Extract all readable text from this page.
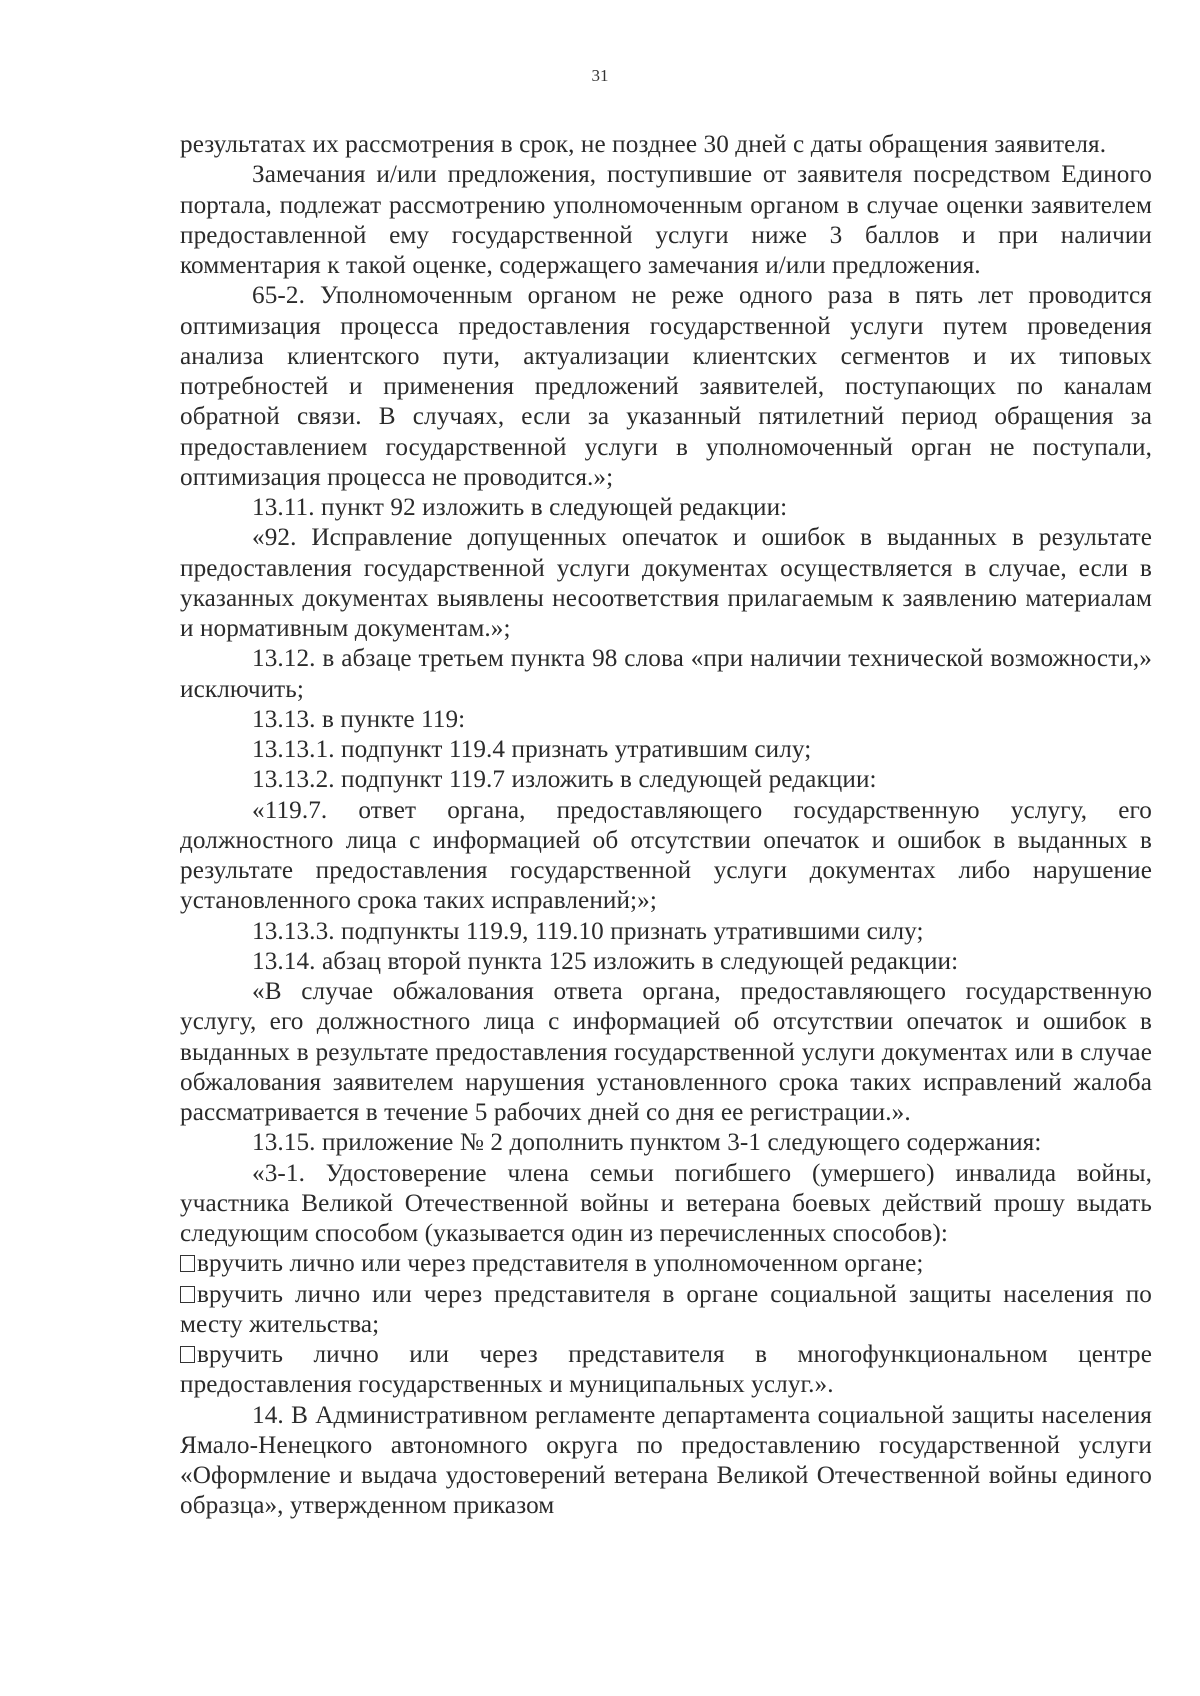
31

результатах их рассмотрения в срок, не позднее 30 дней с даты обращения заявителя.

Замечания и/или предложения, поступившие от заявителя посредством Единого портала, подлежат рассмотрению уполномоченным органом в случае оценки заявителем предоставленной ему государственной услуги ниже 3 баллов и при наличии комментария к такой оценке, содержащего замечания и/или предложения.

65-2. Уполномоченным органом не реже одного раза в пять лет проводится оптимизация процесса предоставления государственной услуги путем проведения анализа клиентского пути, актуализации клиентских сегментов и их типовых потребностей и применения предложений заявителей, поступающих по каналам обратной связи. В случаях, если за указанный пятилетний период обращения за предоставлением государственной услуги в уполномоченный орган не поступали, оптимизация процесса не проводится.»;

13.11. пункт 92 изложить в следующей редакции:

«92. Исправление допущенных опечаток и ошибок в выданных в результате предоставления государственной услуги документах осуществляется в случае, если в указанных документах выявлены несоответствия прилагаемым к заявлению материалам и нормативным документам.»;

13.12. в абзаце третьем пункта 98 слова «при наличии технической возможности,» исключить;

13.13. в пункте 119:

13.13.1. подпункт 119.4 признать утратившим силу;

13.13.2. подпункт 119.7 изложить в следующей редакции:

«119.7. ответ органа, предоставляющего государственную услугу, его должностного лица с информацией об отсутствии опечаток и ошибок в выданных в результате предоставления государственной услуги документах либо нарушение установленного срока таких исправлений;»;

13.13.3. подпункты 119.9, 119.10 признать утратившими силу;

13.14. абзац второй пункта 125 изложить в следующей редакции:

«В случае обжалования ответа органа, предоставляющего государственную услугу, его должностного лица с информацией об отсутствии опечаток и ошибок в выданных в результате предоставления государственной услуги документах или в случае обжалования заявителем нарушения установленного срока таких исправлений жалоба рассматривается в течение 5 рабочих дней со дня ее регистрации.».

13.15. приложение № 2 дополнить пунктом 3-1 следующего содержания:

«3-1. Удостоверение члена семьи погибшего (умершего) инвалида войны, участника Великой Отечественной войны и ветерана боевых действий прошу выдать следующим способом (указывается один из перечисленных способов):

вручить лично или через представителя в уполномоченном органе;

вручить лично или через представителя в органе социальной защиты населения по месту жительства;

вручить лично или через представителя в многофункциональном центре предоставления государственных и муниципальных услуг.».

14. В Административном регламенте департамента социальной защиты населения Ямало-Ненецкого автономного округа по предоставлению государственной услуги «Оформление и выдача удостоверений ветерана Великой Отечественной войны единого образца», утвержденном приказом
